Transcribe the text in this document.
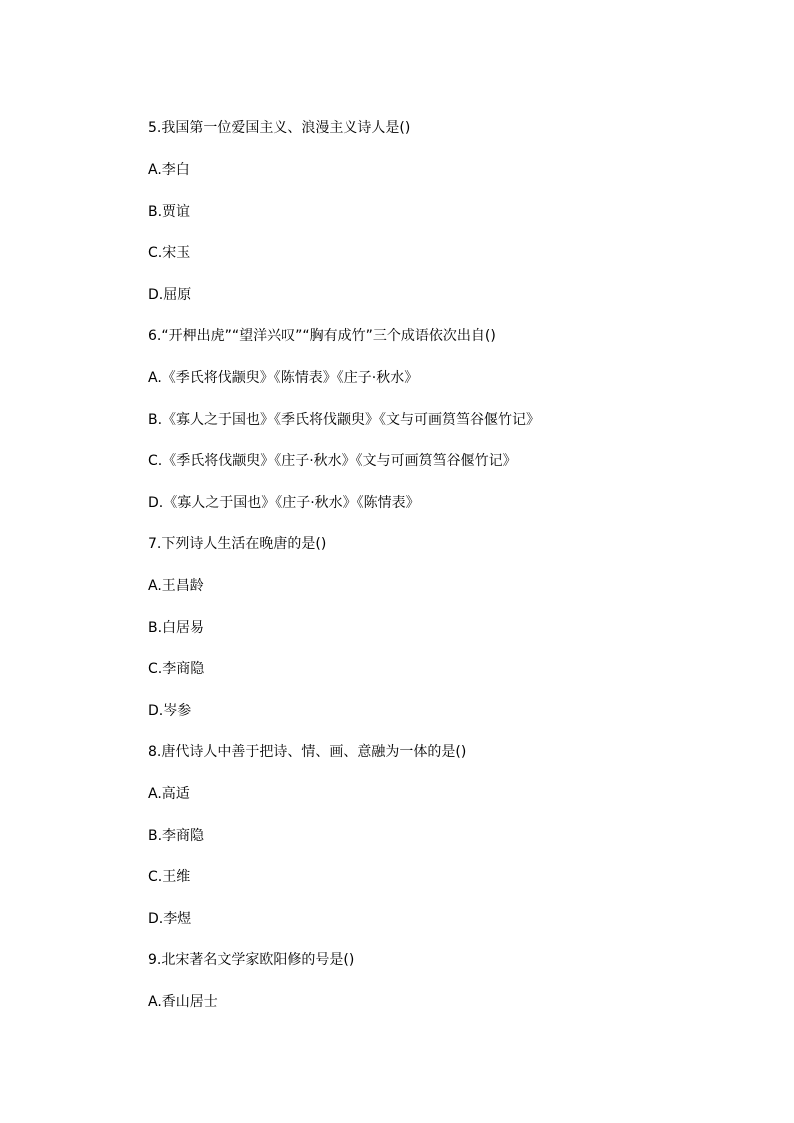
5.我国第一位爱国主义、浪漫主义诗人是()
A.李白
B.贾谊
C.宋玉
D.屈原
6.“开柙出虎”“望洋兴叹”“胸有成竹”三个成语依次出自()
A.《季氏将伐颛臾》《陈情表》《庄子·秋水》
B.《寡人之于国也》《季氏将伐颛臾》《文与可画筼筜谷偃竹记》
C.《季氏将伐颛臾》《庄子·秋水》《文与可画筼筜谷偃竹记》
D.《寡人之于国也》《庄子·秋水》《陈情表》
7.下列诗人生活在晚唐的是()
A.王昌龄
B.白居易
C.李商隐
D.岑参
8.唐代诗人中善于把诗、情、画、意融为一体的是()
A.高适
B.李商隐
C.王维
D.李煜
9.北宋著名文学家欧阳修的号是()
A.香山居士
